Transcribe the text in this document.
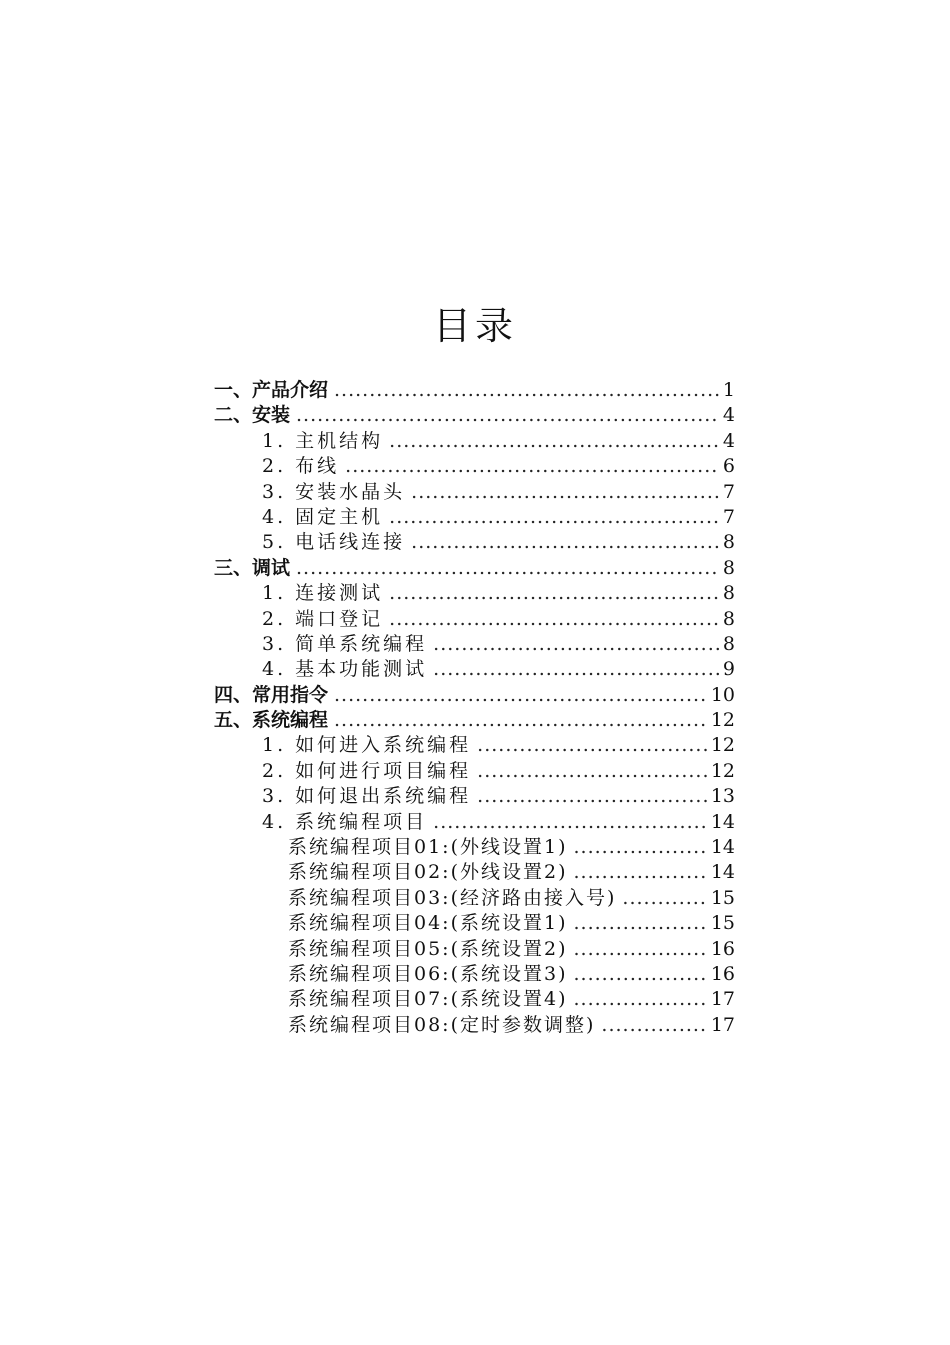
目录
一、产品介绍 .....	1
二、安装 .....	4
1. 主机结构 .....	4
2. 布线 .....	6
3. 安装水晶头 .....	7
4. 固定主机 .....	7
5. 电话线连接 .....	8
三、调试 .....	8
1. 连接测试 .....	8
2. 端口登记 .....	8
3. 简单系统编程 .....	8
4. 基本功能测试 .....	9
四、常用指令 .....	10
五、系统编程 .....	12
1. 如何进入系统编程 .....	12
2. 如何进行项目编程 .....	12
3. 如何退出系统编程 .....	13
4. 系统编程项目 .....	14
系统编程项目01:(外线设置1) .....	14
系统编程项目02:(外线设置2) .....	14
系统编程项目03:(经济路由接入号) .....	15
系统编程项目04:(系统设置1) .....	15
系统编程项目05:(系统设置2) .....	16
系统编程项目06:(系统设置3) .....	16
系统编程项目07:(系统设置4) .....	17
系统编程项目08:(定时参数调整) .....	17
